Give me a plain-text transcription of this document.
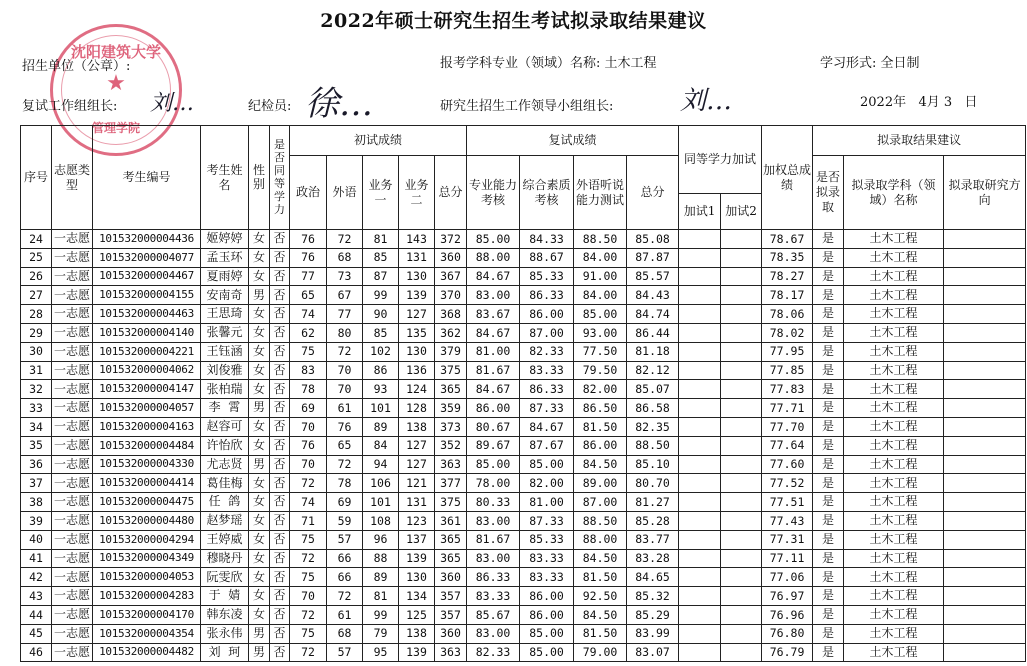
2022年硕士研究生招生考试拟录取结果建议
沈阳建筑大学
★
管理学院
招生单位（公章）:	报考学科专业（领域）名称: 土木工程	学习形式: 全日制
复试工作组组长: 刘…	纪检员: 徐…	研究生招生工作领导小组组长:	刘…	2022年   4月 3   日
序号	志愿类型	考生编号	考生姓名	性别	是否同等学力	初试成绩					复试成绩				同等学力加试		加权总成绩	拟录取结果建议		
						政治	外语	业务一	业务二	总分	专业能力考核	综合素质考核	外语听说能力测试	总分				是否拟录取	拟录取学科（领域）名称	拟录取研究方向
															加试1	加试2				
24	一志愿	101532000004436	姬婷婷	女	否	76	72	81	143	372	85.00	84.33	88.50	85.08			78.67	是	土木工程	
25	一志愿	101532000004077	孟玉环	女	否	76	68	85	131	360	88.00	88.67	84.00	87.87			78.35	是	土木工程	
26	一志愿	101532000004467	夏雨婷	女	否	77	73	87	130	367	84.67	85.33	91.00	85.57			78.27	是	土木工程	
27	一志愿	101532000004155	安南奇	男	否	65	67	99	139	370	83.00	86.33	84.00	84.43			78.17	是	土木工程	
28	一志愿	101532000004463	王思琦	女	否	74	77	90	127	368	83.67	86.00	85.00	84.74			78.06	是	土木工程	
29	一志愿	101532000004140	张馨元	女	否	62	80	85	135	362	84.67	87.00	93.00	86.44			78.02	是	土木工程	
30	一志愿	101532000004221	王钰涵	女	否	75	72	102	130	379	81.00	82.33	77.50	81.18			77.95	是	土木工程	
31	一志愿	101532000004062	刘俊雅	女	否	83	70	86	136	375	81.67	83.33	79.50	82.12			77.85	是	土木工程	
32	一志愿	101532000004147	张柏瑞	女	否	78	70	93	124	365	84.67	86.33	82.00	85.07			77.83	是	土木工程	
33	一志愿	101532000004057	李  霄	男	否	69	61	101	128	359	86.00	87.33	86.50	86.58			77.71	是	土木工程	
34	一志愿	101532000004163	赵容可	女	否	70	76	89	138	373	80.67	84.67	81.50	82.35			77.70	是	土木工程	
35	一志愿	101532000004484	许怡欣	女	否	76	65	84	127	352	89.67	87.67	86.00	88.50			77.64	是	土木工程	
36	一志愿	101532000004330	尤志贤	男	否	70	72	94	127	363	85.00	85.00	84.50	85.10			77.60	是	土木工程	
37	一志愿	101532000004414	葛佳梅	女	否	72	78	106	121	377	78.00	82.00	89.00	80.70			77.52	是	土木工程	
38	一志愿	101532000004475	任  鸽	女	否	74	69	101	131	375	80.33	81.00	87.00	81.27			77.51	是	土木工程	
39	一志愿	101532000004480	赵梦瑶	女	否	71	59	108	123	361	83.00	87.33	88.50	85.28			77.43	是	土木工程	
40	一志愿	101532000004294	王婷威	女	否	75	57	96	137	365	81.67	85.33	88.00	83.77			77.31	是	土木工程	
41	一志愿	101532000004349	穆晓丹	女	否	72	66	88	139	365	83.00	83.33	84.50	83.28			77.11	是	土木工程	
42	一志愿	101532000004053	阮雯欣	女	否	75	66	89	130	360	86.33	83.33	81.50	84.65			77.06	是	土木工程	
43	一志愿	101532000004283	于  婧	女	否	70	72	81	134	357	83.33	86.00	92.50	85.32			76.97	是	土木工程	
44	一志愿	101532000004170	韩东凌	女	否	72	61	99	125	357	85.67	86.00	84.50	85.29			76.96	是	土木工程	
45	一志愿	101532000004354	张永伟	男	否	75	68	79	138	360	83.00	85.00	81.50	83.99			76.80	是	土木工程	
46	一志愿	101532000004482	刘  珂	男	否	72	57	95	139	363	82.33	85.00	79.00	83.07			76.79	是	土木工程	
